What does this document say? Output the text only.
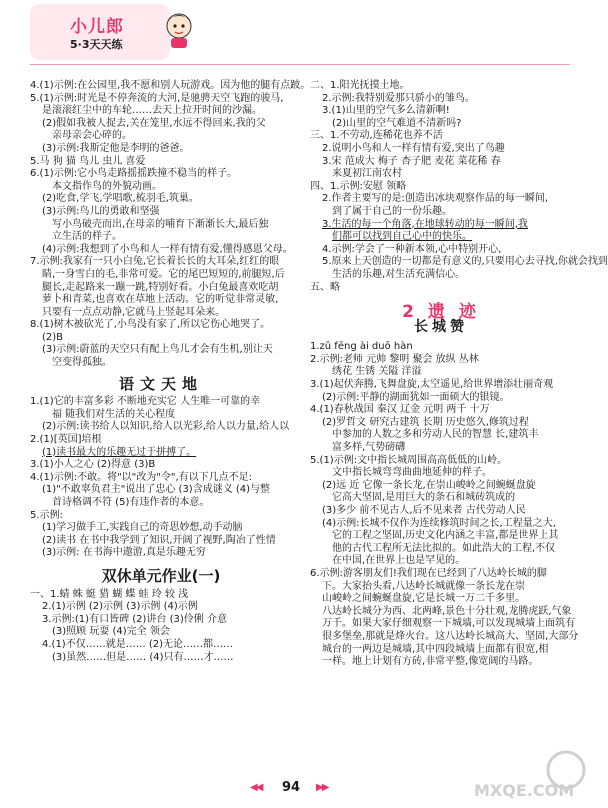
小儿郎
5·3天天练
4.(1)示例:在公园里,我不愿和别人玩游戏。因为他的腿有点跛。
5.(1)示例:时光是不停奔流的大河,是驰骋天空飞跑的骏马,
是滚滚红尘中的车轮……去天上拉开时间的沙漏。
(2)假如我被人捉去,关在笼里,水远不得回来,我的父
亲母亲会心碎的。
(3)示例:我斯定他是李明的爸爸。
5.马 狗 猫 鸟儿 虫儿 喜爱
6.(1)示例:它小鸟走路摇摇跌撞不稳当的样子。
本文指作鸟的外貌动画。
(2)吃食,学飞,学唱歌,梳羽毛,筑巢。
(3)示例:鸟儿的勇敢和坚强
写小鸟破壳而出,在母亲的哺育下渐渐长大,最后独
立生活的样子。
(4)示例:我想到了小鸟和人一样有情有爱,懂得感恩父母。
7.示例:我家有一只小白兔,它长着长长的大耳朵,红红的眼
睛,一身雪白的毛,非常可爱。它的尾巴短短的,前腿短,后
腿长,走起路来一蹦一跳,特别好看。小白兔最喜欢吃胡
萝卜和青菜,也喜欢在草地上活动。它的听觉非常灵敏,
只要有一点点动静,它就马上竖起耳朵来。
8.(1)树木被砍光了,小鸟没有家了,所以它伤心地哭了。
(2)B
(3)示例:蔚蓝的天空只有配上鸟儿才会有生机,别让天
空变得孤独。
语文天地
1.(1)它的丰富多彩 不断地充实它 人生唯一可靠的幸
福 随我们对生活的关心程度
(2)示例:读书给人以知识,给人以光彩,给人以力量,给人以
2.(1)[英国]培根
(1)读书最大的乐趣无过于拼搏了。
3.(1)小人之心 (2)得意 (3)B
4.(1)示例:不敢。将"以"改为"令",有以下几点不足:
(1)"不敢辜负君主"说出了忠心 (3)含成谜义 (4)与整
首诗格调不符 (5)有违作者的本意。
5.示例:
(1)学习做手工,实践自己的奇思妙想,动手动脑
(2)读书 在书中我学到了知识,开阔了视野,陶冶了性情
(3)示例: 在书海中遨游,真是乐趣无穷
双休单元作业(一)
一、1.蜻 蛛 蜓 猎 蝴 蝶 蛙 玲 较 浅
2.(1)示例 (2)示例 (3)示例 (4)示例
3.示例:(1)有口皆碑 (2)讲台 (3)伶俐 介意
(3)照顾 玩耍 (4)完全 领会
4.(1)不仅……就是…… (2)无论……都……
(3)虽然……但是…… (4)只有……才……
二、1.阳光抚摸土地。
2.示例:我特别爱那只骄小的雏鸟。
3.(1)山里的空气多么清新啊!
(2)山里的空气难道不清新吗?
三、1.不劳动,连稀花也养不活
2.说明小鸟和人一样有情有爱,突出了鸟趣
3.宋 范成大 梅子 杏子肥 麦花 菜花稀 春
来夏初江南农村
四、1.示例:安慰 领略
2.作者主要写的是:创造出冰块观察作品的每一瞬间,
到了属于自己的一份乐趣。
3.生活的每一个角落,在地球转动的每一瞬间,我
们都可以找到自己心中的快乐。
4.示例:学会了一种新本领,心中特别开心,
5.原来上天创造的一切都是有意义的,只要用心去寻找,你就会找到
生活的乐趣,对生活充满信心。
五、略
2 遗 迹
长城赞
1.zǔ fēng ài duō hàn
2.示例:老师 元帅 黎明 聚会 放纵 丛林
绣花 生锈 关隘 洋溢
3.(1)起伏奔腾,飞舞盘旋,太空遥见,给世界增添壮丽奇观
(2)示例:平静的湖面犹如一面硕大的银镜。
4.(1)春秋战国 秦汉 辽金 元明 两千 十万
(2)罗哲文 研究古建筑 长期 历史悠久,修筑过程
中参加的人数之多和劳动人民的智慧 长,建筑丰
富多样,气势磅礴
5.(1)示例:文中指长城周围高高低低的山岭。
文中指长城弯弯曲曲地延伸的样子。
(2)远 近 它像一条长龙,在崇山峻岭之间蜿蜒盘旋
它高大坚固,是用巨大的条石和城砖筑成的
(3)多少 前不见古人,后不见来者 古代劳动人民
(4)示例:长城不仅作为连续修筑时间之长,工程量之大,
它的工程之坚固,历史文化内涵之丰富,都是世界上其
他的古代工程所无法比拟的。如此浩大的工程,不仅
在中国,在世界上也是罕见的。
6.示例:游客朋友们!我们现在已经到了八达岭长城的脚
下。大家抬头看,八达岭长城就像一条长龙在崇
山峻岭之间蜿蜒盘旋,它是长城一万二千多里。
八达岭长城分为西、北两峰,景色十分壮观,龙腾虎跃,气象
万千。如果大家仔细观察一下城墙,可以发现城墙上面筑有
很多堡垒,那就是烽火台。这八达岭长城高大、坚固,大部分
城台的一两边是城墙,其中四段城墙上面都有很宽,相
一样。地上计划有方砖,非常平整,像宽阔的马路。
◀◀ 94 ▶▶	MXQE.COM
